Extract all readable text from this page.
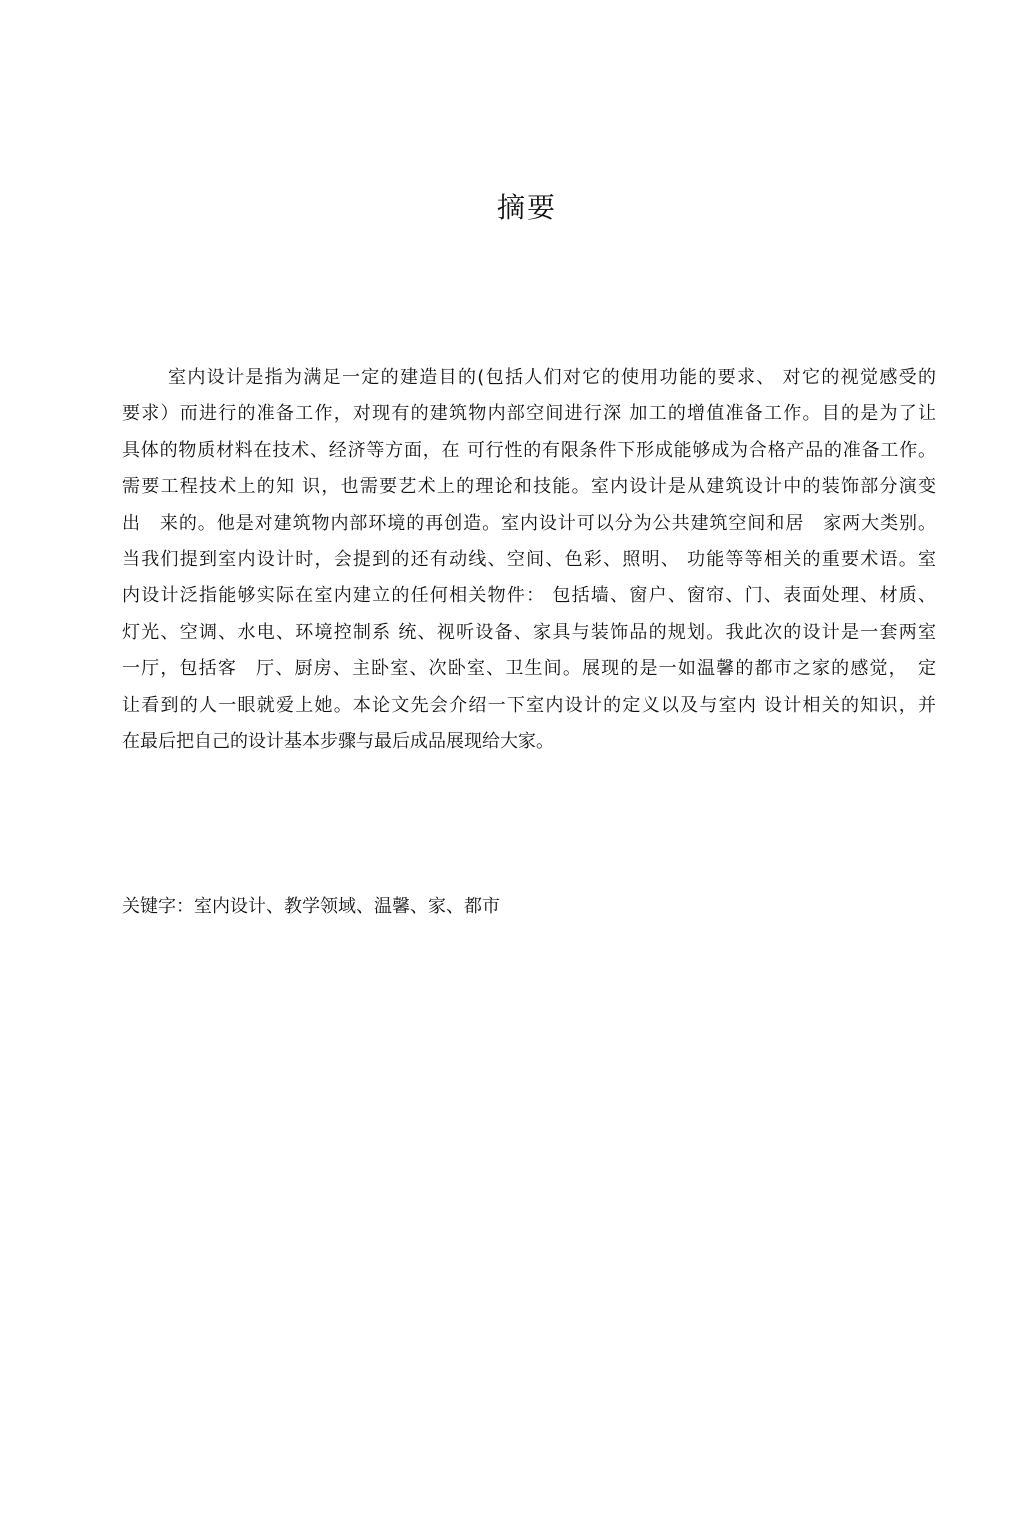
摘要
室内设计是指为满足一定的建造目的(包括人们对它的使用功能的要求、 对它的视觉感受的
要求）而进行的准备工作，对现有的建筑物内部空间进行深 加工的增值准备工作。目的是为了让
具体的物质材料在技术、经济等方面，在 可行性的有限条件下形成能够成为合格产品的准备工作。
需要工程技术上的知 识，也需要艺术上的理论和技能。室内设计是从建筑设计中的装饰部分演变
出　来的。他是对建筑物内部环境的再创造。室内设计可以分为公共建筑空间和居　家两大类别。
当我们提到室内设计时，会提到的还有动线、空间、色彩、照明、 功能等等相关的重要术语。室
内设计泛指能够实际在室内建立的任何相关物件： 包括墙、窗户、窗帘、门、表面处理、材质、
灯光、空调、水电、环境控制系 统、视听设备、家具与装饰品的规划。我此次的设计是一套两室
一厅，包括客　厅、厨房、主卧室、次卧室、卫生间。展现的是一如温馨的都市之家的感觉，　定
让看到的人一眼就爱上她。本论文先会介绍一下室内设计的定义以及与室内 设计相关的知识，并
在最后把自己的设计基本步骤与最后成品展现给大家。
关键字：室内设计、教学领域、温馨、家、都市
